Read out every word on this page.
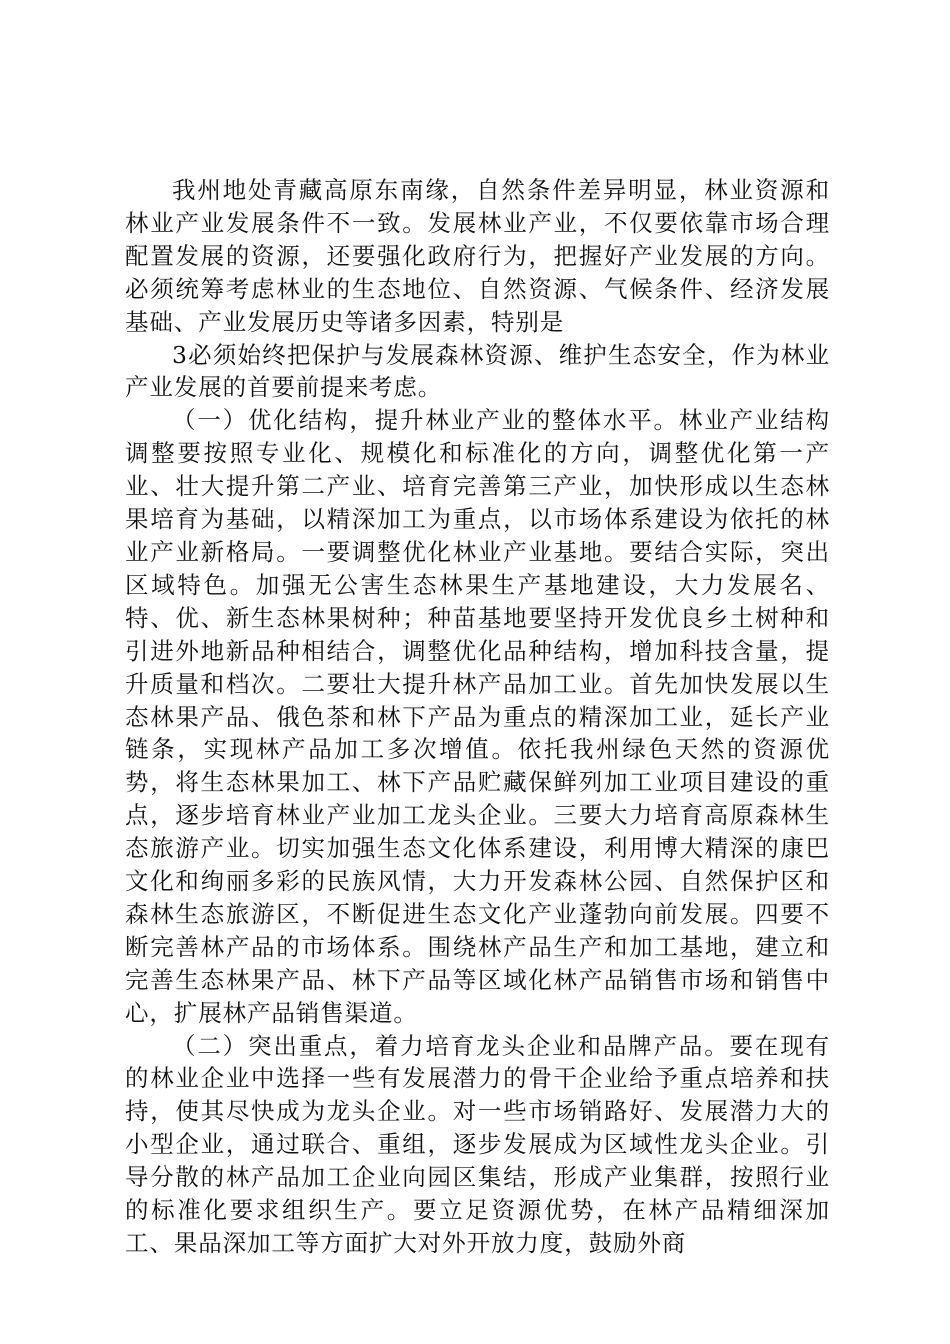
我州地处青藏高原东南缘，自然条件差异明显，林业资源和林业产业发展条件不一致。发展林业产业，不仅要依靠市场合理配置发展的资源，还要强化政府行为，把握好产业发展的方向。必须统筹考虑林业的生态地位、自然资源、气候条件、经济发展基础、产业发展历史等诸多因素，特别是

3必须始终把保护与发展森林资源、维护生态安全，作为林业产业发展的首要前提来考虑。

（一）优化结构，提升林业产业的整体水平。林业产业结构调整要按照专业化、规模化和标准化的方向，调整优化第一产业、壮大提升第二产业、培育完善第三产业，加快形成以生态林果培育为基础，以精深加工为重点，以市场体系建设为依托的林业产业新格局。一要调整优化林业产业基地。要结合实际，突出区域特色。加强无公害生态林果生产基地建设，大力发展名、特、优、新生态林果树种；种苗基地要坚持开发优良乡土树种和引进外地新品种相结合，调整优化品种结构，增加科技含量，提升质量和档次。二要壮大提升林产品加工业。首先加快发展以生态林果产品、俄色茶和林下产品为重点的精深加工业，延长产业链条，实现林产品加工多次增值。依托我州绿色天然的资源优势，将生态林果加工、林下产品贮藏保鲜列加工业项目建设的重点，逐步培育林业产业加工龙头企业。三要大力培育高原森林生态旅游产业。切实加强生态文化体系建设，利用博大精深的康巴文化和绚丽多彩的民族风情，大力开发森林公园、自然保护区和森林生态旅游区，不断促进生态文化产业蓬勃向前发展。四要不断完善林产品的市场体系。围绕林产品生产和加工基地，建立和完善生态林果产品、林下产品等区域化林产品销售市场和销售中心，扩展林产品销售渠道。

（二）突出重点，着力培育龙头企业和品牌产品。要在现有的林业企业中选择一些有发展潜力的骨干企业给予重点培养和扶持，使其尽快成为龙头企业。对一些市场销路好、发展潜力大的小型企业，通过联合、重组，逐步发展成为区域性龙头企业。引导分散的林产品加工企业向园区集结，形成产业集群，按照行业的标准化要求组织生产。要立足资源优势，在林产品精细深加工、果品深加工等方面扩大对外开放力度，鼓励外商
